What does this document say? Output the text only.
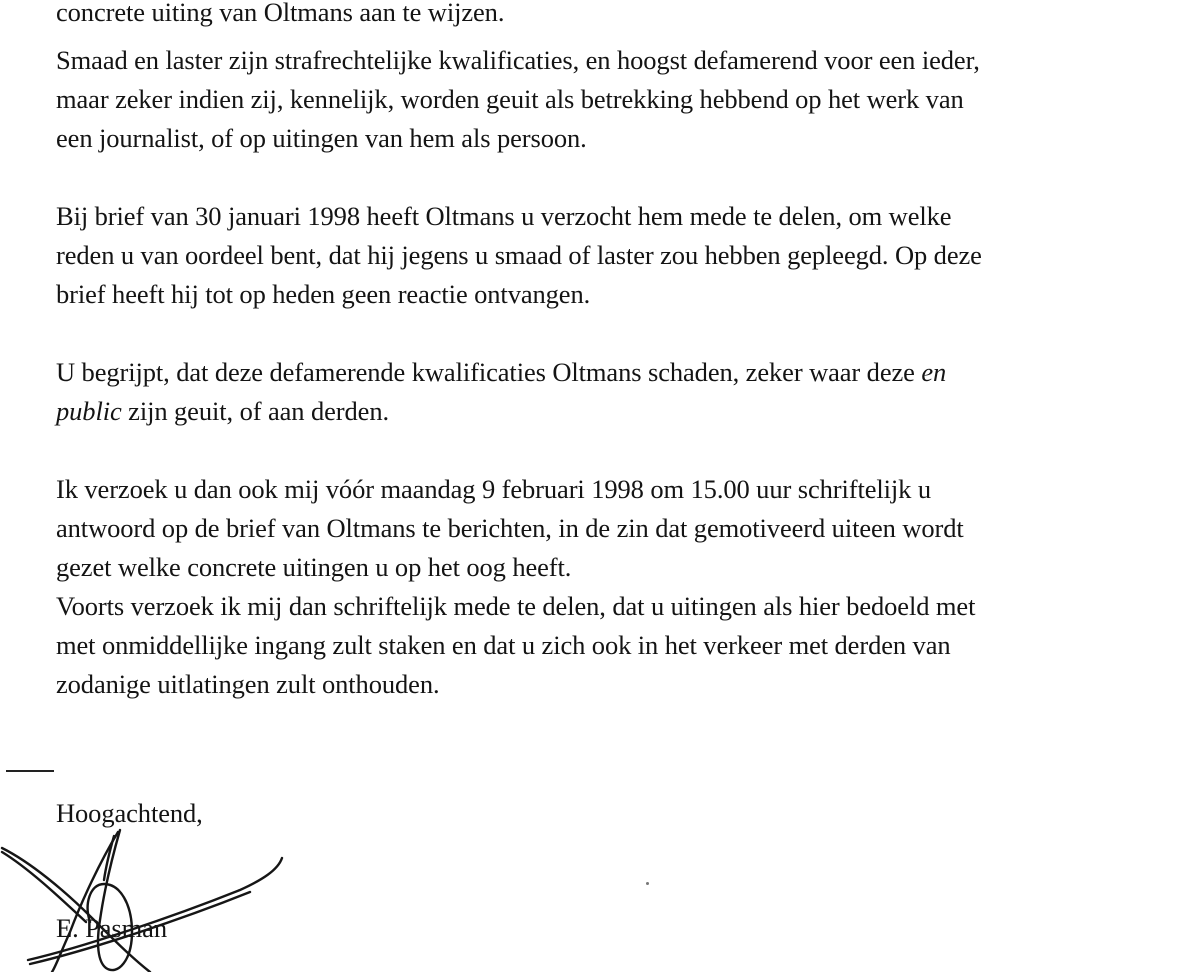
concrete uiting van Oltmans aan te wijzen.
Smaad en laster zijn strafrechtelijke kwalificaties, en hoogst defamerend voor een ieder,
maar zeker indien zij, kennelijk, worden geuit als betrekking hebbend op het werk van
een journalist, of op uitingen van hem als persoon.
Bij brief van 30 januari 1998 heeft Oltmans u verzocht hem mede te delen, om welke
reden u van oordeel bent, dat hij jegens u smaad of laster zou hebben gepleegd. Op deze
brief heeft hij tot op heden geen reactie ontvangen.
U begrijpt, dat deze defamerende kwalificaties Oltmans schaden, zeker waar deze en
public zijn geuit, of aan derden.
Ik verzoek u dan ook mij vóór maandag 9 februari 1998 om 15.00 uur schriftelijk u
antwoord op de brief van Oltmans te berichten, in de zin dat gemotiveerd uiteen wordt
gezet welke concrete uitingen u op het oog heeft.
Voorts verzoek ik mij dan schriftelijk mede te delen, dat u uitingen als hier bedoeld met
met onmiddellijke ingang zult staken en dat u zich ook in het verkeer met derden van
zodanige uitlatingen zult onthouden.
Hoogachtend,
E. Pasman
